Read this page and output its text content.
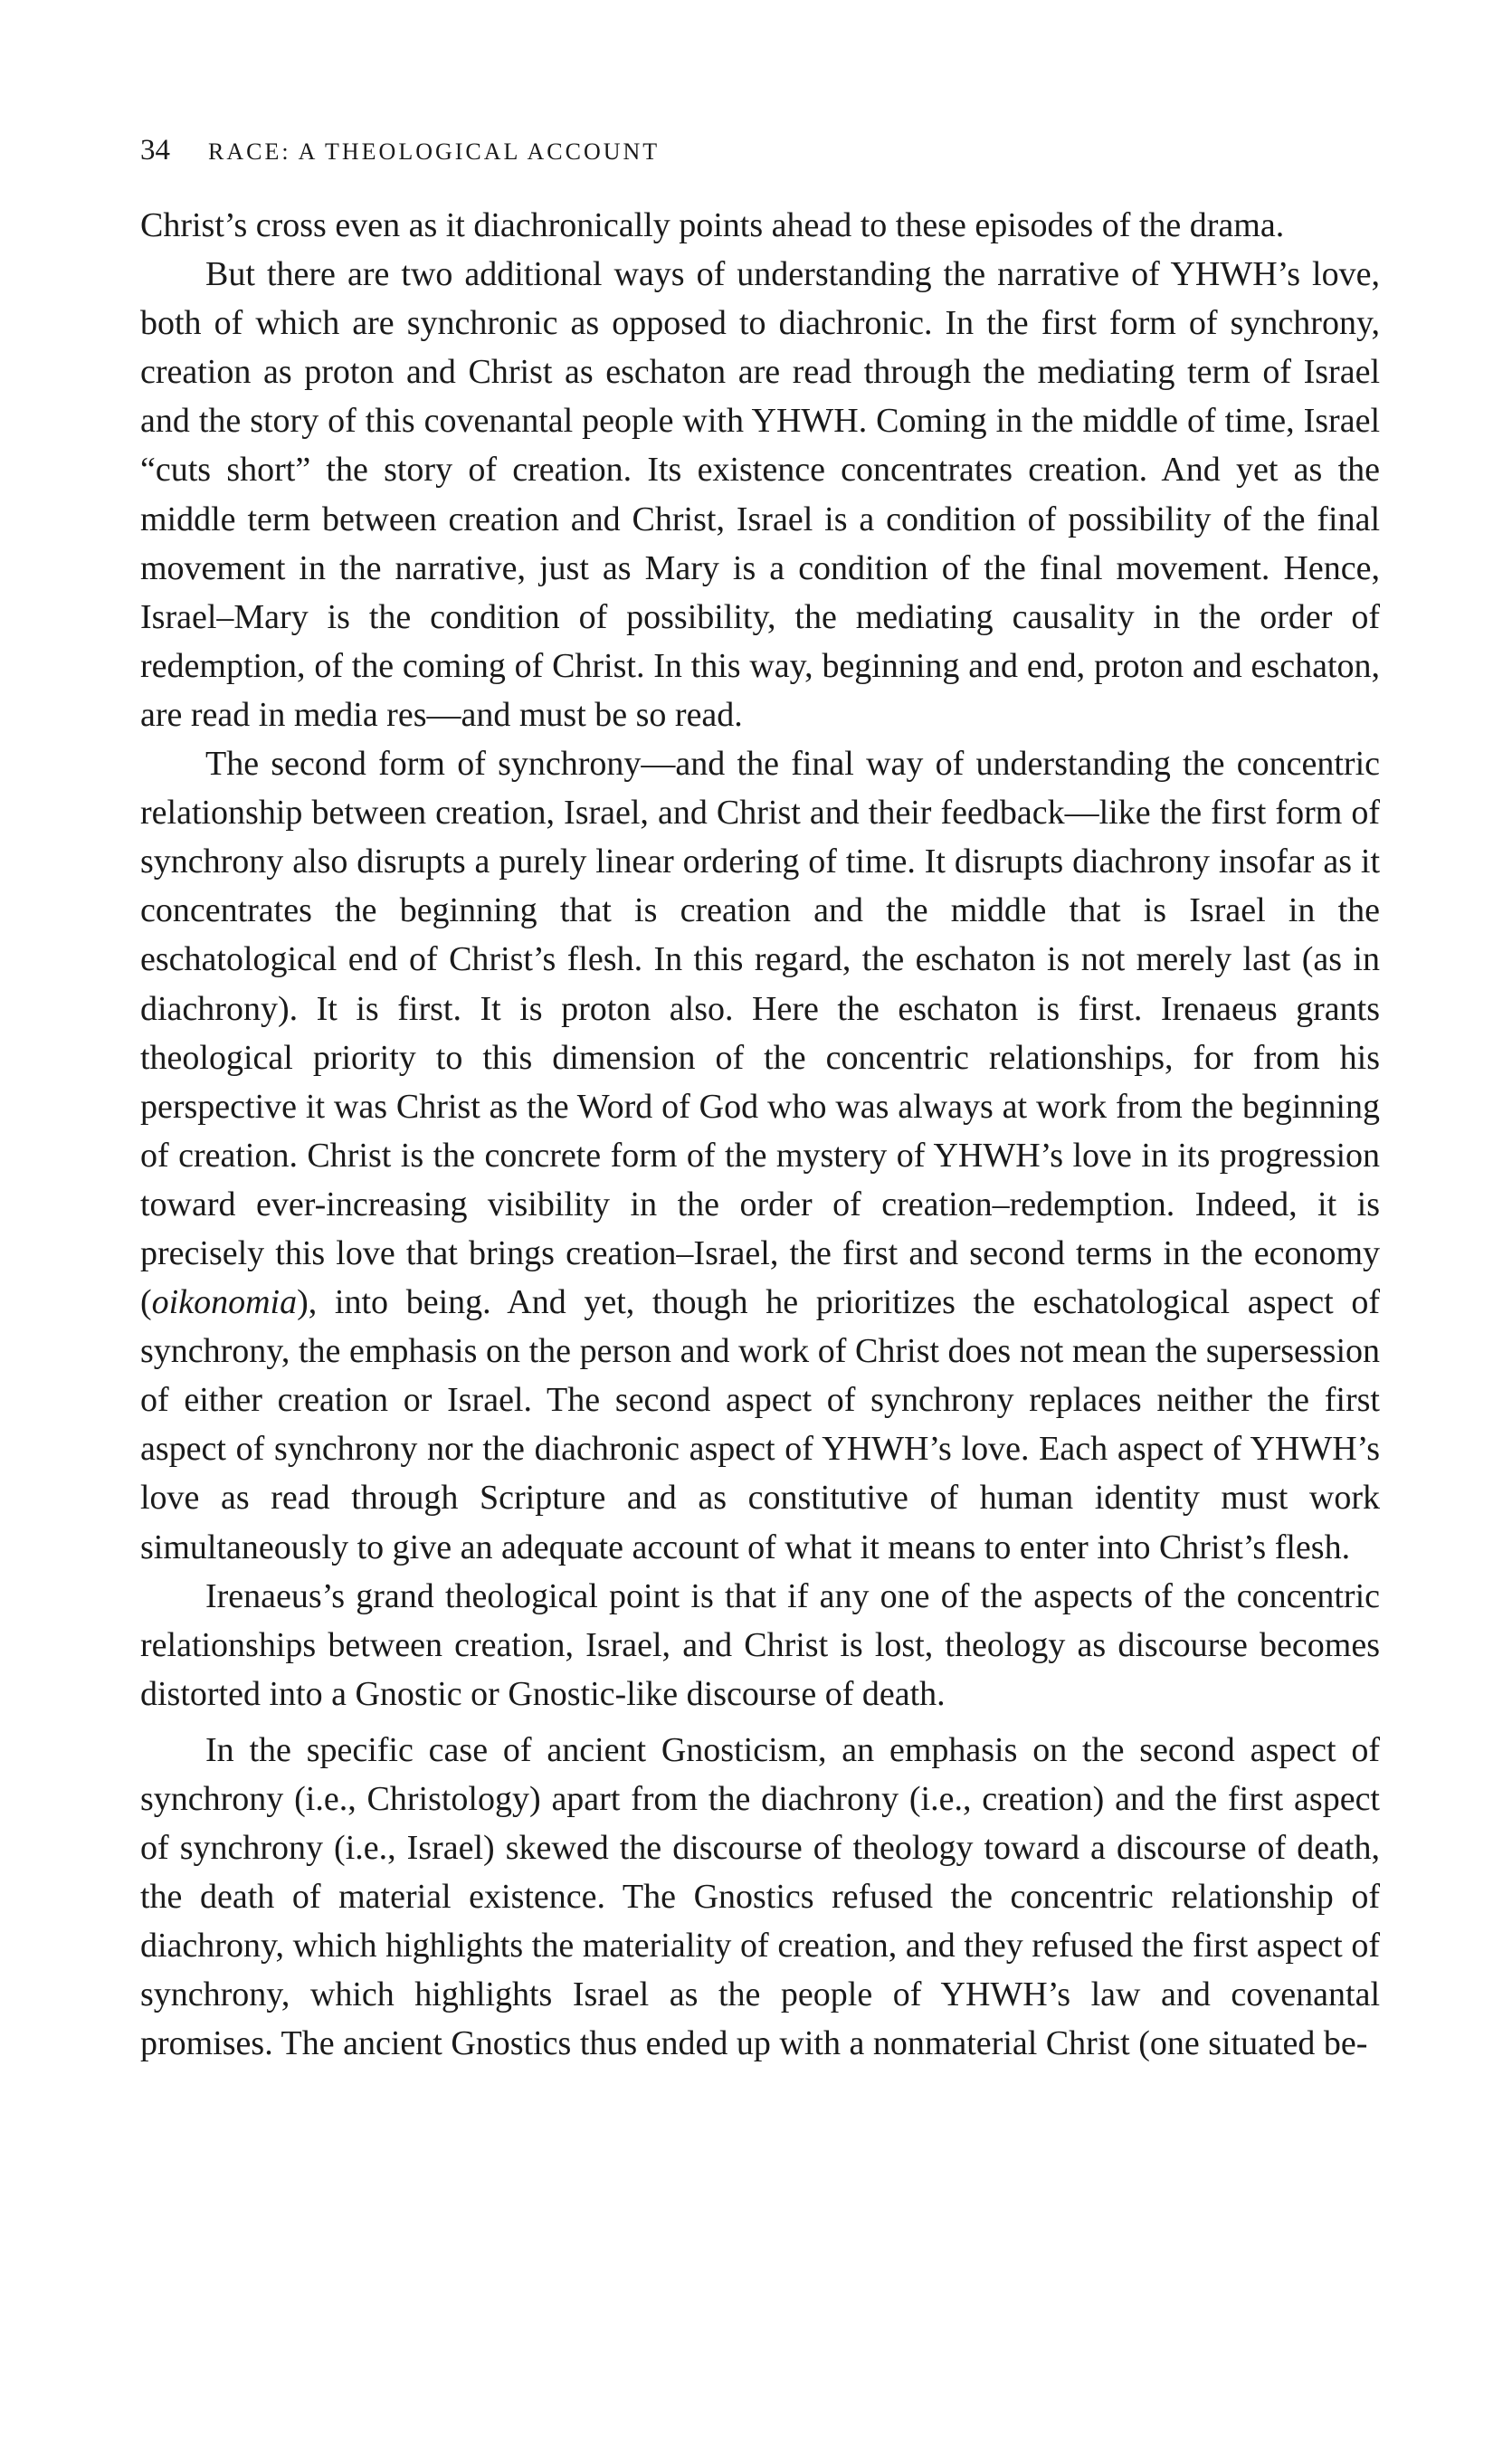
34 RACE: A THEOLOGICAL ACCOUNT

Christ’s cross even as it diachronically points ahead to these episodes of the drama.

But there are two additional ways of understanding the narrative of YHWH’s love, both of which are synchronic as opposed to diachronic. In the first form of synchrony, creation as proton and Christ as eschaton are read through the mediating term of Israel and the story of this covenantal people with YHWH. Coming in the middle of time, Israel “cuts short” the story of creation. Its existence concentrates creation. And yet as the middle term between creation and Christ, Israel is a condition of possibility of the final movement in the narrative, just as Mary is a condition of the final movement. Hence, Israel–Mary is the condition of possibility, the mediating causality in the order of redemption, of the coming of Christ. In this way, beginning and end, proton and eschaton, are read in media res—and must be so read.

The second form of synchrony—and the final way of understanding the concentric relationship between creation, Israel, and Christ and their feedback—like the first form of synchrony also disrupts a purely linear ordering of time. It disrupts diachrony insofar as it concentrates the beginning that is creation and the middle that is Israel in the eschatological end of Christ’s flesh. In this regard, the eschaton is not merely last (as in diachrony). It is first. It is proton also. Here the eschaton is first. Irenaeus grants theological priority to this dimension of the concentric relationships, for from his perspective it was Christ as the Word of God who was always at work from the beginning of creation. Christ is the concrete form of the mystery of YHWH’s love in its progression toward ever-increasing visibility in the order of creation–redemption. Indeed, it is precisely this love that brings creation–Israel, the first and second terms in the economy (oikonomia), into being. And yet, though he prioritizes the eschatological aspect of synchrony, the emphasis on the person and work of Christ does not mean the supersession of either creation or Israel. The second aspect of synchrony replaces neither the first aspect of synchrony nor the diachronic aspect of YHWH’s love. Each aspect of YHWH’s love as read through Scripture and as constitutive of human identity must work simultaneously to give an adequate account of what it means to enter into Christ’s flesh.

Irenaeus’s grand theological point is that if any one of the aspects of the concentric relationships between creation, Israel, and Christ is lost, theology as discourse becomes distorted into a Gnostic or Gnostic-like discourse of death.

In the specific case of ancient Gnosticism, an emphasis on the second aspect of synchrony (i.e., Christology) apart from the diachrony (i.e., creation) and the first aspect of synchrony (i.e., Israel) skewed the discourse of theology toward a discourse of death, the death of material existence. The Gnostics refused the concentric relationship of diachrony, which highlights the materiality of creation, and they refused the first aspect of synchrony, which highlights Israel as the people of YHWH’s law and covenantal promises. The ancient Gnostics thus ended up with a nonmaterial Christ (one situated be-
